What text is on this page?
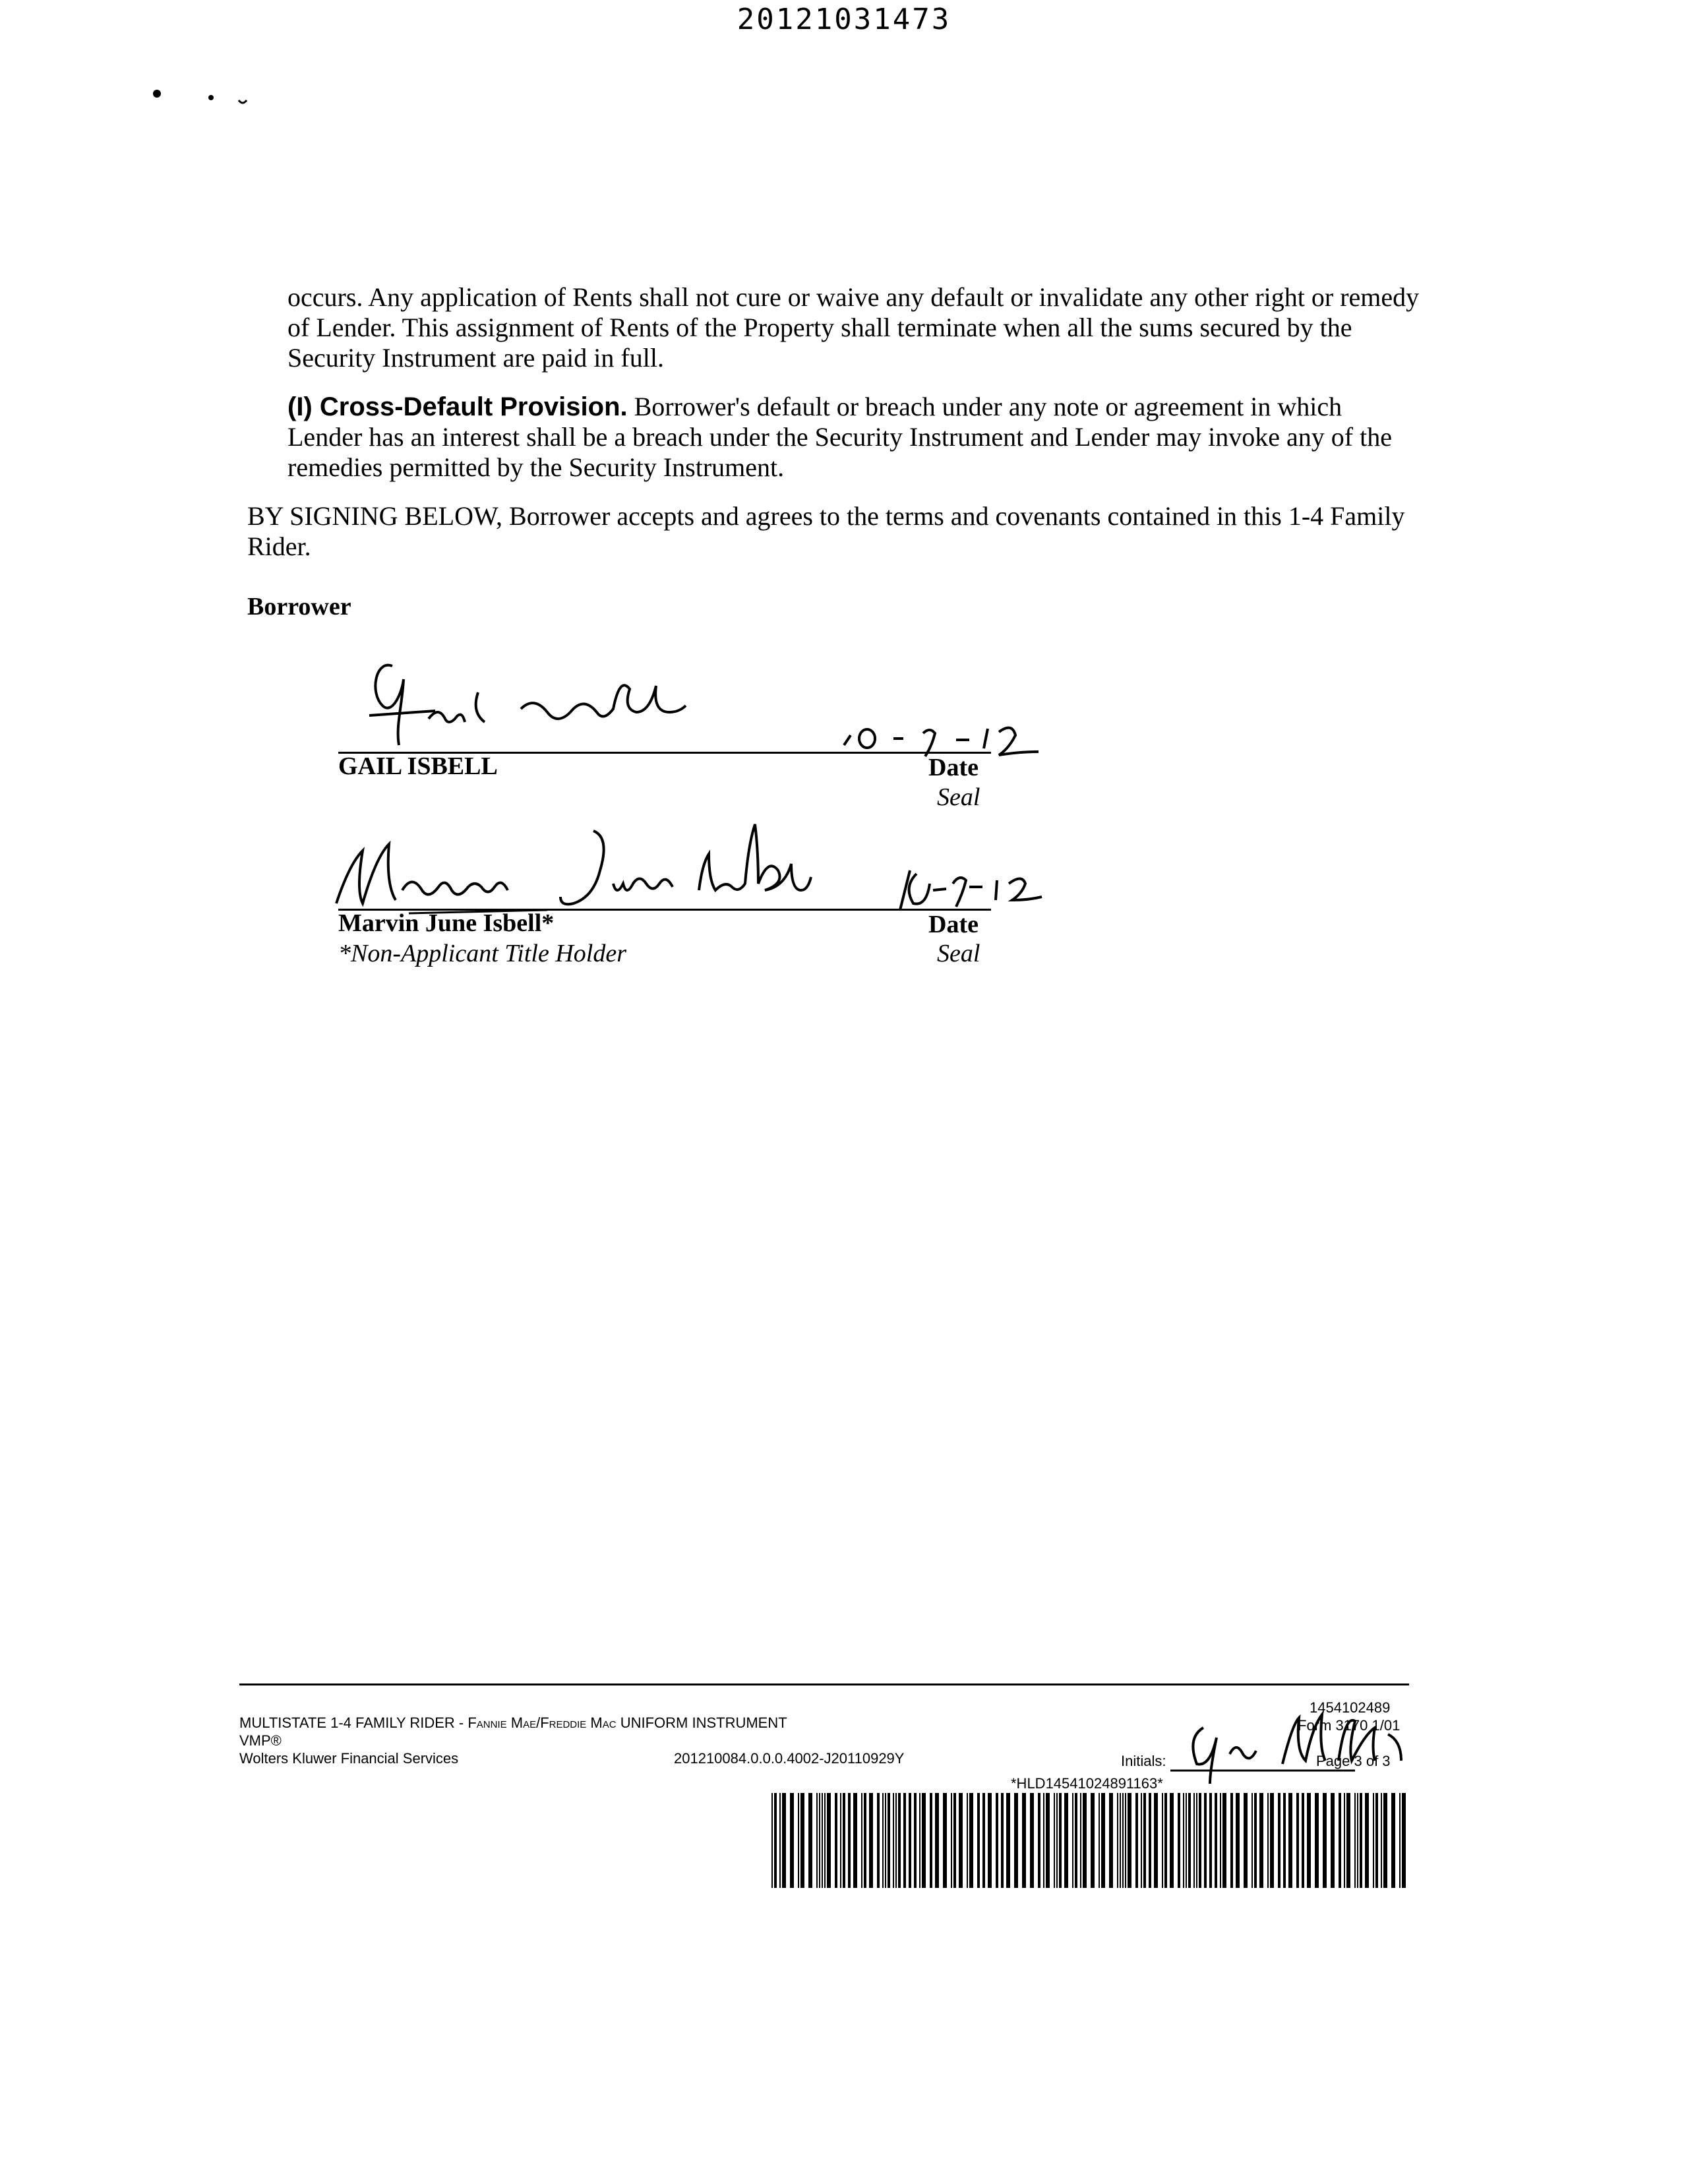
20121031473
occurs. Any application of Rents shall not cure or waive any default or invalidate any other right or remedy of Lender. This assignment of Rents of the Property shall terminate when all the sums secured by the Security Instrument are paid in full.
(I) Cross-Default Provision. Borrower's default or breach under any note or agreement in which Lender has an interest shall be a breach under the Security Instrument and Lender may invoke any of the remedies permitted by the Security Instrument.
BY SIGNING BELOW, Borrower accepts and agrees to the terms and covenants contained in this 1-4 Family Rider.
Borrower
GAIL ISBELL	Date
Seal
Marvin June Isbell*	Date
*Non-Applicant Title Holder	Seal
MULTISTATE 1-4 FAMILY RIDER - Fannie Mae/Freddie Mac UNIFORM INSTRUMENT
VMP®
Wolters Kluwer Financial Services	201210084.0.0.0.4002-J20110929Y
1454102489
Form 3170 1/01
Initials:	Page 3 of 3
*HLD14541024891163*
